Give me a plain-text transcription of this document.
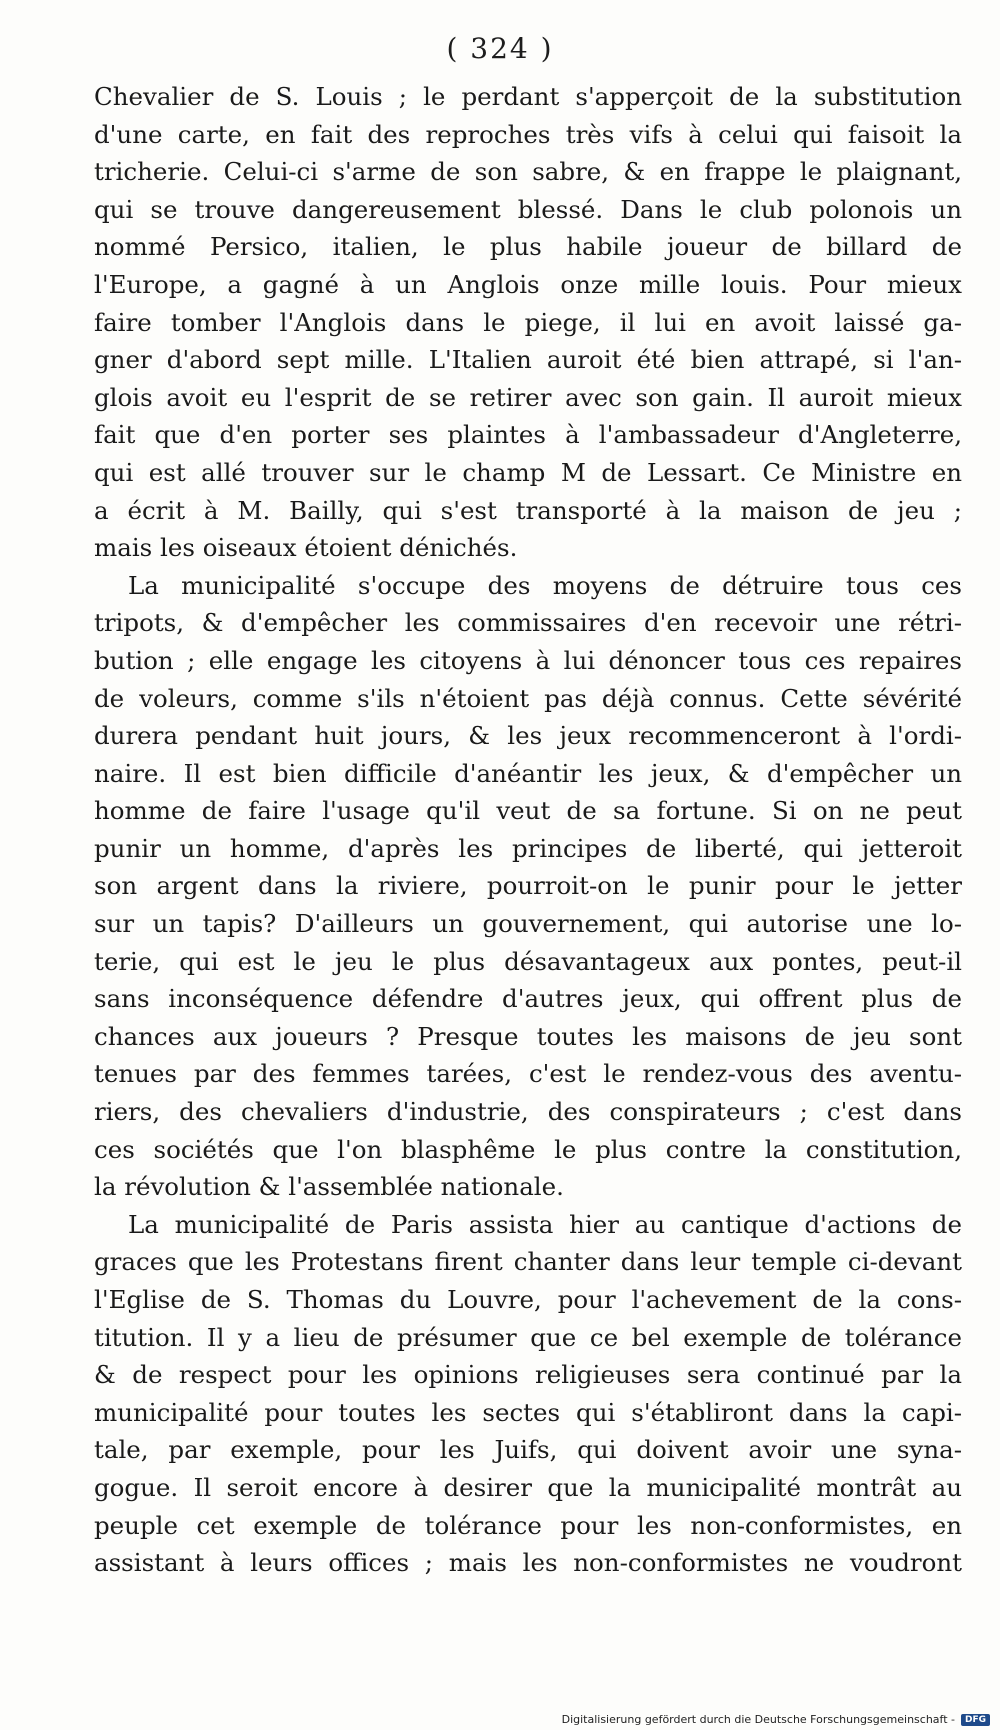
( 324 )
Chevalier de S. Louis ; le perdant s'apperçoit de la substitution
d'une carte, en fait des reproches très vifs à celui qui faisoit la
tricherie. Celui-ci s'arme de son sabre, & en frappe le plaignant,
qui se trouve dangereusement blessé. Dans le club polonois un
nommé Persico, italien, le plus habile joueur de billard de
l'Europe, a gagné à un Anglois onze mille louis. Pour mieux
faire tomber l'Anglois dans le piege, il lui en avoit laissé ga-
gner d'abord sept mille. L'Italien auroit été bien attrapé, si l'an-
glois avoit eu l'esprit de se retirer avec son gain. Il auroit mieux
fait que d'en porter ses plaintes à l'ambassadeur d'Angleterre,
qui est allé trouver sur le champ M de Lessart. Ce Ministre en
a écrit à M. Bailly, qui s'est transporté à la maison de jeu ;
mais les oiseaux étoient dénichés.
La municipalité s'occupe des moyens de détruire tous ces
tripots, & d'empêcher les commissaires d'en recevoir une rétri-
bution ; elle engage les citoyens à lui dénoncer tous ces repaires
de voleurs, comme s'ils n'étoient pas déjà connus. Cette sévérité
durera pendant huit jours, & les jeux recommenceront à l'ordi-
naire. Il est bien difficile d'anéantir les jeux, & d'empêcher un
homme de faire l'usage qu'il veut de sa fortune. Si on ne peut
punir un homme, d'après les principes de liberté, qui jetteroit
son argent dans la riviere, pourroit-on le punir pour le jetter
sur un tapis? D'ailleurs un gouvernement, qui autorise une lo-
terie, qui est le jeu le plus désavantageux aux pontes, peut-il
sans inconséquence défendre d'autres jeux, qui offrent plus de
chances aux joueurs ? Presque toutes les maisons de jeu sont
tenues par des femmes tarées, c'est le rendez-vous des aventu-
riers, des chevaliers d'industrie, des conspirateurs ; c'est dans
ces sociétés que l'on blasphême le plus contre la constitution,
la révolution & l'assemblée nationale.
La municipalité de Paris assista hier au cantique d'actions de
graces que les Protestans firent chanter dans leur temple ci-devant
l'Eglise de S. Thomas du Louvre, pour l'achevement de la cons-
titution. Il y a lieu de présumer que ce bel exemple de tolérance
& de respect pour les opinions religieuses sera continué par la
municipalité pour toutes les sectes qui s'établiront dans la capi-
tale, par exemple, pour les Juifs, qui doivent avoir une syna-
gogue. Il seroit encore à desirer que la municipalité montrât au
peuple cet exemple de tolérance pour les non-conformistes, en
assistant à leurs offices ; mais les non-conformistes ne voudront
Digitalisierung gefördert durch die Deutsche Forschungsgemeinschaft -	DFG
